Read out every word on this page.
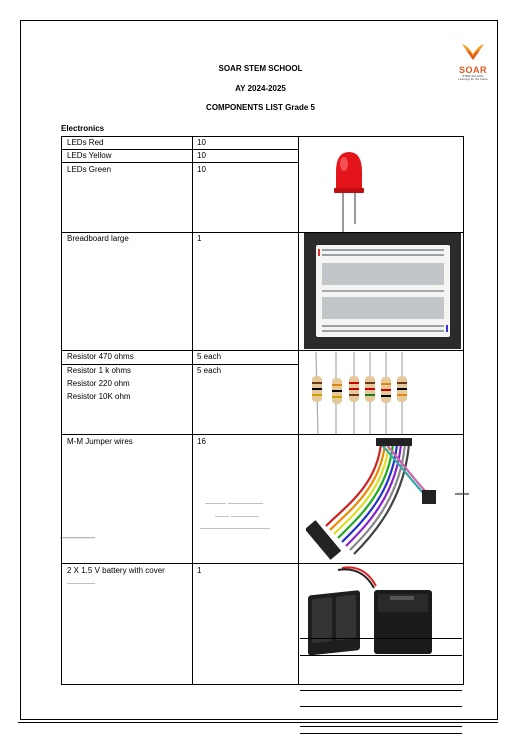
SOAR STEM SCHOOL
AY 2024-2025
COMPONENTS LIST Grade 5
SOAR
STEM SCHOOL
Learning for the future
Electronics
LEDs Red	10
LEDs Yellow	10
LEDs Green	10
Breadboard large	1
Resistor 470 ohms	5 each
Resistor 1 k ohms	5 each
Resistor 220 ohm
Resistor 10K ohm
M-M Jumper wires	16
2 X 1.5 V battery with cover	1
―――――
――― ―――――
―― ――――
――――――――――
▬▬
――――
